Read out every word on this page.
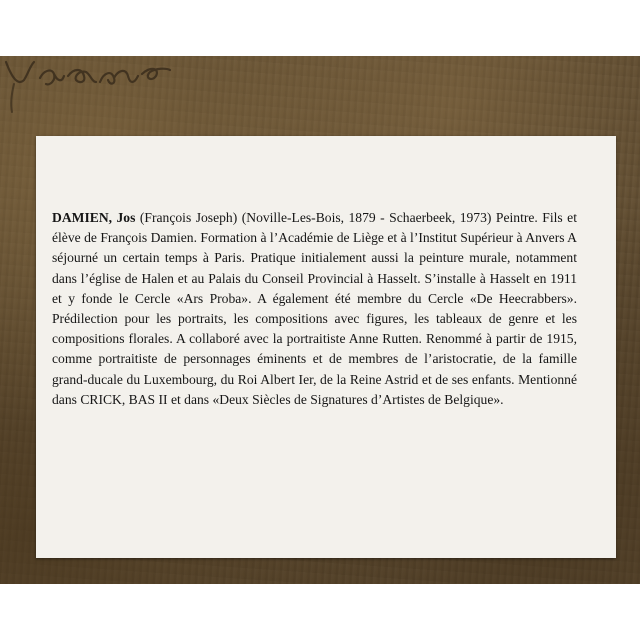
DAMIEN, Jos (François Joseph) (Noville-Les-Bois, 1879 - Schaerbeek, 1973) Peintre. Fils et élève de François Damien. Formation à l’Académie de Liège et à l’Institut Supérieur à Anvers A séjourné un certain temps à Paris. Pratique initialement aussi la peinture murale, notamment dans l’église de Halen et au Palais du Conseil Provincial à Hasselt. S’installe à Hasselt en 1911 et y fonde le Cercle «Ars Proba». A également été membre du Cercle «De Heecrabbers». Prédilection pour les portraits, les compositions avec figures, les tableaux de genre et les compositions florales. A collaboré avec la portraitiste Anne Rutten. Renommé à partir de 1915, comme portraitiste de personnages éminents et de membres de l’aristocratie, de la famille grand-ducale du Luxembourg, du Roi Albert Ier, de la Reine Astrid et de ses enfants. Mentionné dans CRICK, BAS II et dans «Deux Siècles de Signatures d’Artistes de Belgique».
